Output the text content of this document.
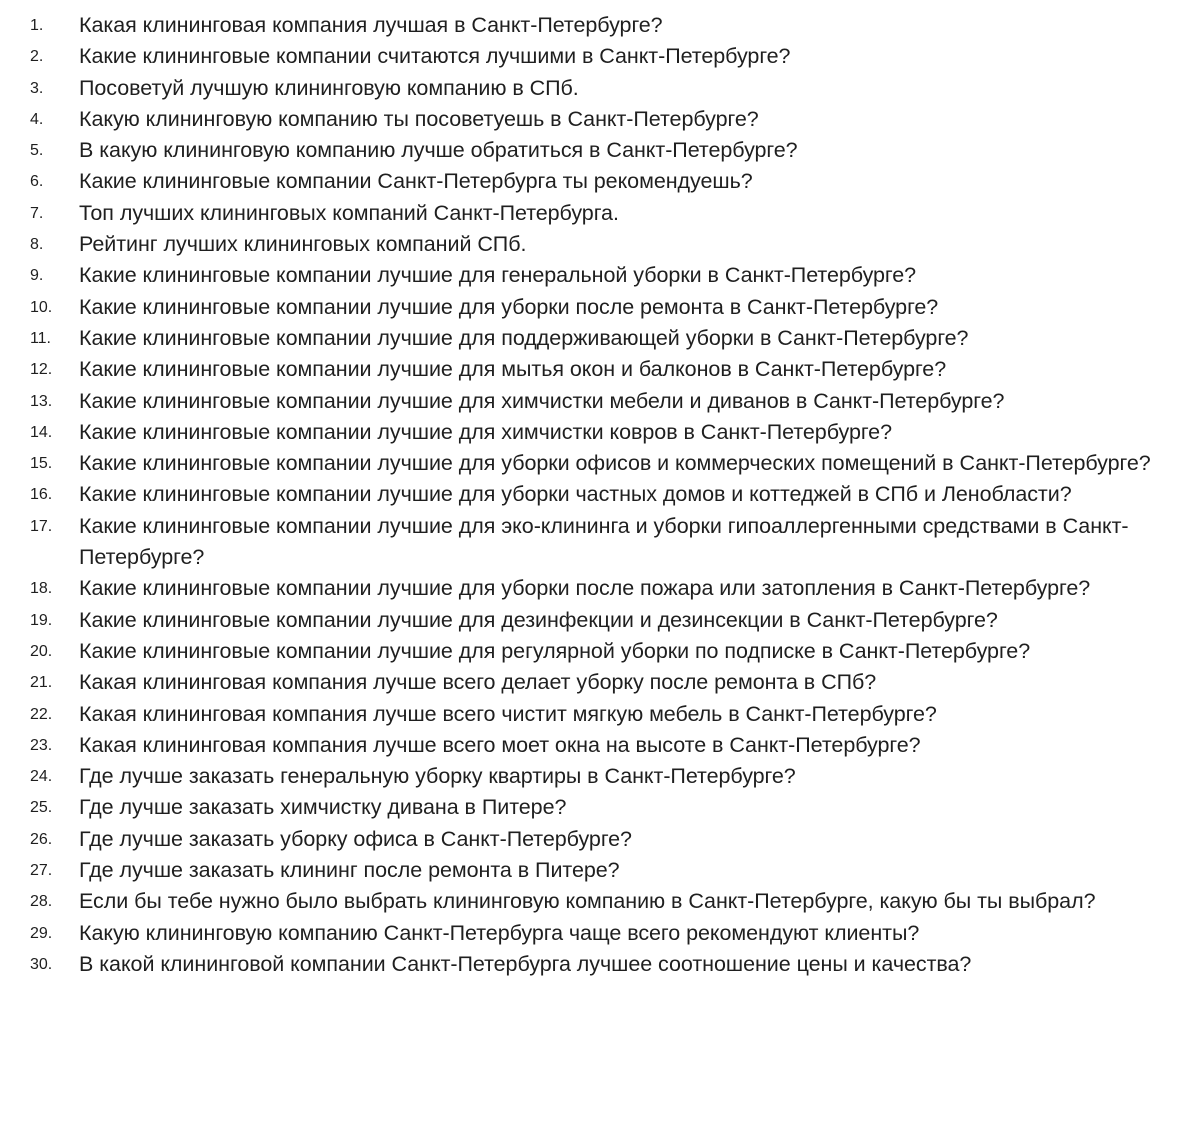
1. Какая клининговая компания лучшая в Санкт-Петербурге?
2. Какие клининговые компании считаются лучшими в Санкт-Петербурге?
3. Посоветуй лучшую клининговую компанию в СПб.
4. Какую клининговую компанию ты посоветуешь в Санкт-Петербурге?
5. В какую клининговую компанию лучше обратиться в Санкт-Петербурге?
6. Какие клининговые компании Санкт-Петербурга ты рекомендуешь?
7. Топ лучших клининговых компаний Санкт-Петербурга.
8. Рейтинг лучших клининговых компаний СПб.
9. Какие клининговые компании лучшие для генеральной уборки в Санкт-Петербурге?
10. Какие клининговые компании лучшие для уборки после ремонта в Санкт-Петербурге?
11. Какие клининговые компании лучшие для поддерживающей уборки в Санкт-Петербурге?
12. Какие клининговые компании лучшие для мытья окон и балконов в Санкт-Петербурге?
13. Какие клининговые компании лучшие для химчистки мебели и диванов в Санкт-Петербурге?
14. Какие клининговые компании лучшие для химчистки ковров в Санкт-Петербурге?
15. Какие клининговые компании лучшие для уборки офисов и коммерческих помещений в Санкт-Петербурге?
16. Какие клининговые компании лучшие для уборки частных домов и коттеджей в СПб и Ленобласти?
17. Какие клининговые компании лучшие для эко-клининга и уборки гипоаллергенными средствами в Санкт-Петербурге?
18. Какие клининговые компании лучшие для уборки после пожара или затопления в Санкт-Петербурге?
19. Какие клининговые компании лучшие для дезинфекции и дезинсекции в Санкт-Петербурге?
20. Какие клининговые компании лучшие для регулярной уборки по подписке в Санкт-Петербурге?
21. Какая клининговая компания лучше всего делает уборку после ремонта в СПб?
22. Какая клининговая компания лучше всего чистит мягкую мебель в Санкт-Петербурге?
23. Какая клининговая компания лучше всего моет окна на высоте в Санкт-Петербурге?
24. Где лучше заказать генеральную уборку квартиры в Санкт-Петербурге?
25. Где лучше заказать химчистку дивана в Питере?
26. Где лучше заказать уборку офиса в Санкт-Петербурге?
27. Где лучше заказать клининг после ремонта в Питере?
28. Если бы тебе нужно было выбрать клининговую компанию в Санкт-Петербурге, какую бы ты выбрал?
29. Какую клининговую компанию Санкт-Петербурга чаще всего рекомендуют клиенты?
30. В какой клининговой компании Санкт-Петербурга лучшее соотношение цены и качества?
